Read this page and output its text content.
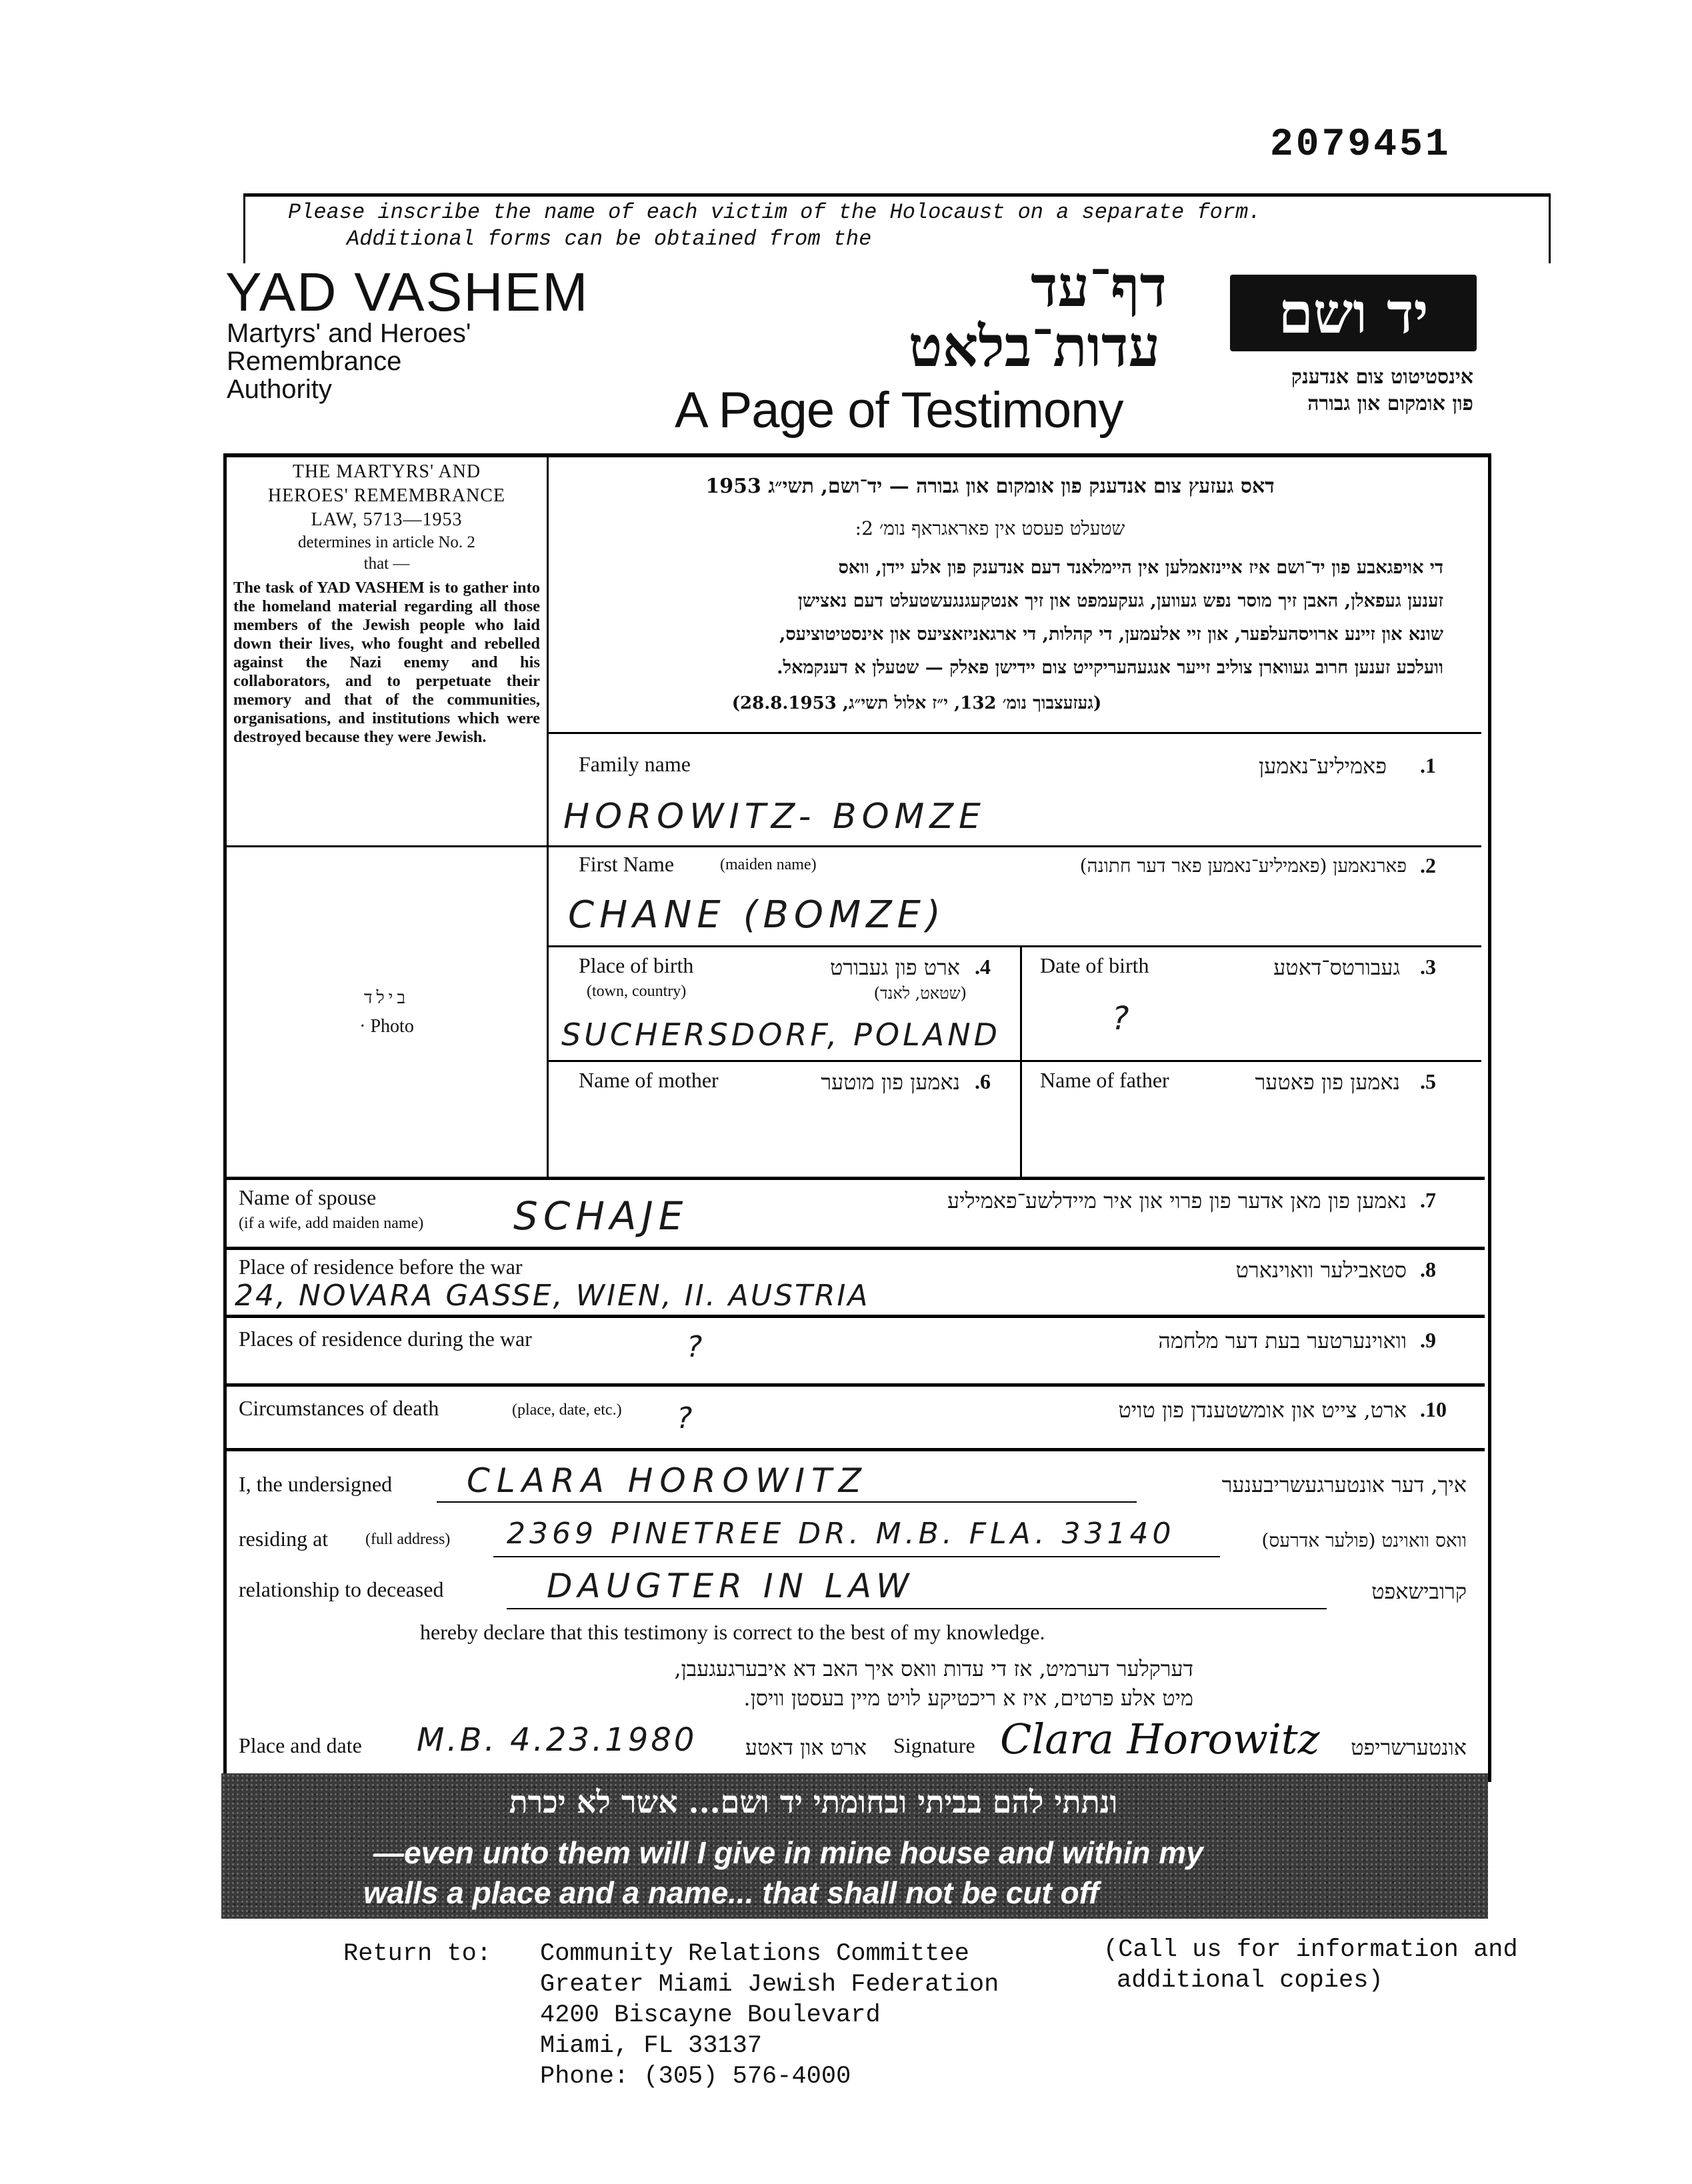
2079451
Please inscribe the name of each victim of the Holocaust on a separate form.
Additional forms can be obtained from the
YAD VASHEM
Martyrs' and Heroes'
Remembrance
Authority
דף־עד
עדות־בלאט
A Page of Testimony
יד ושם
אינסטיטוט צום אנדענק
פון אומקום און גבורה
THE MARTYRS' AND
HEROES' REMEMBRANCE
LAW, 5713—1953
determines in article No. 2
that —
The task of YAD VASHEM is to gather into the homeland material regarding all those members of the Jewish people who laid down their lives, who fought and rebelled against the Nazi enemy and his collaborators, and to perpetuate their memory and that of the communities, organisations, and institutions which were destroyed because they were Jewish.
דאס געזעץ צום אנדענק פון אומקום און גבורה — יד־ושם, תשי״ג 1953
שטעלט פעסט אין פאראגראף נומ׳ 2:
די אויפגאבע פון יד־ושם איז איינזאמלען אין היימלאנד דעם אנדענק פון אלע יידן, וואס
זענען געפאלן, האבן זיך מוסר נפש געווען, געקעמפט און זיך אנטקעגנגעשטעלט דעם נאצישן
שונא און זיינע ארויסהעלפער, און זיי אלעמען, די קהלות, די ארגאניזאציעס און אינסטיטוציעס,
וועלכע זענען חרוב געווארן צוליב זייער אנגעהעריקייט צום יידישן פאלק — שטעלן א דענקמאל.
(געזעצבוך נומ׳ 132, י״ז אלול תשי״ג, 28.8.1953)
בילד
· Photo
Family name	פאמיליע־נאמען .1
HOROWITZ- BOMZE
First Name	(maiden name)	פארנאמען (פאמיליע־נאמען פאר דער חתונה) .2
CHANE (BOMZE)
Place of birth
(town, country)
ארט פון געבורט
(שטאט, לאנד)
.4
SUCHERSDORF, POLAND
Date of birth	געבורטס־דאטע .3
?
Name of mother	נאמען פון מוטער .6 Name of father	נאמען פון פאטער .5
Name of spouse
(if a wife, add maiden name)
נאמען פון מאן אדער פון פרוי און איר מיידלשע־פאמיליע .7
SCHAJE
Place of residence before the war	סטאבילער וואוינארט .8
24, NOVARA GASSE, WIEN, II. AUSTRIA
Places of residence during the war	וואוינערטער בעת דער מלחמה .9
?
Circumstances of death	(place, date, etc.)	ארט, צייט און אומשטענדן פון טויט .10
?
I, the undersigned CLARA HOROWITZ	איך, דער אונטערגעשריבענער
residing at (full address) 2369 PINETREE DR. M.B. FLA. 33140	וואס וואוינט (פולער אדרעס)
relationship to deceased	DAUGTER IN LAW	קרובישאפט
hereby declare that this testimony is correct to the best of my knowledge.
דערקלער דערמיט, אז די עדות וואס איך האב דא איבערגעגעבן,
מיט אלע פרטים, איז א ריכטיקע לויט מיין בעסטן וויסן.
Place and date M.B. 4.23.1980	ארט און דאטע Signature Clara Horowitz	אונטערשריפט
ונתתי להם בביתי ובחומתי יד ושם... אשר לא יכרת
—even unto them will I give in mine house and within my
walls a place and a name... that shall not be cut off
Return to: Community Relations Committee
Greater Miami Jewish Federation
4200 Biscayne Boulevard
Miami, FL 33137
Phone: (305) 576-4000
(Call us for information and
additional copies)
